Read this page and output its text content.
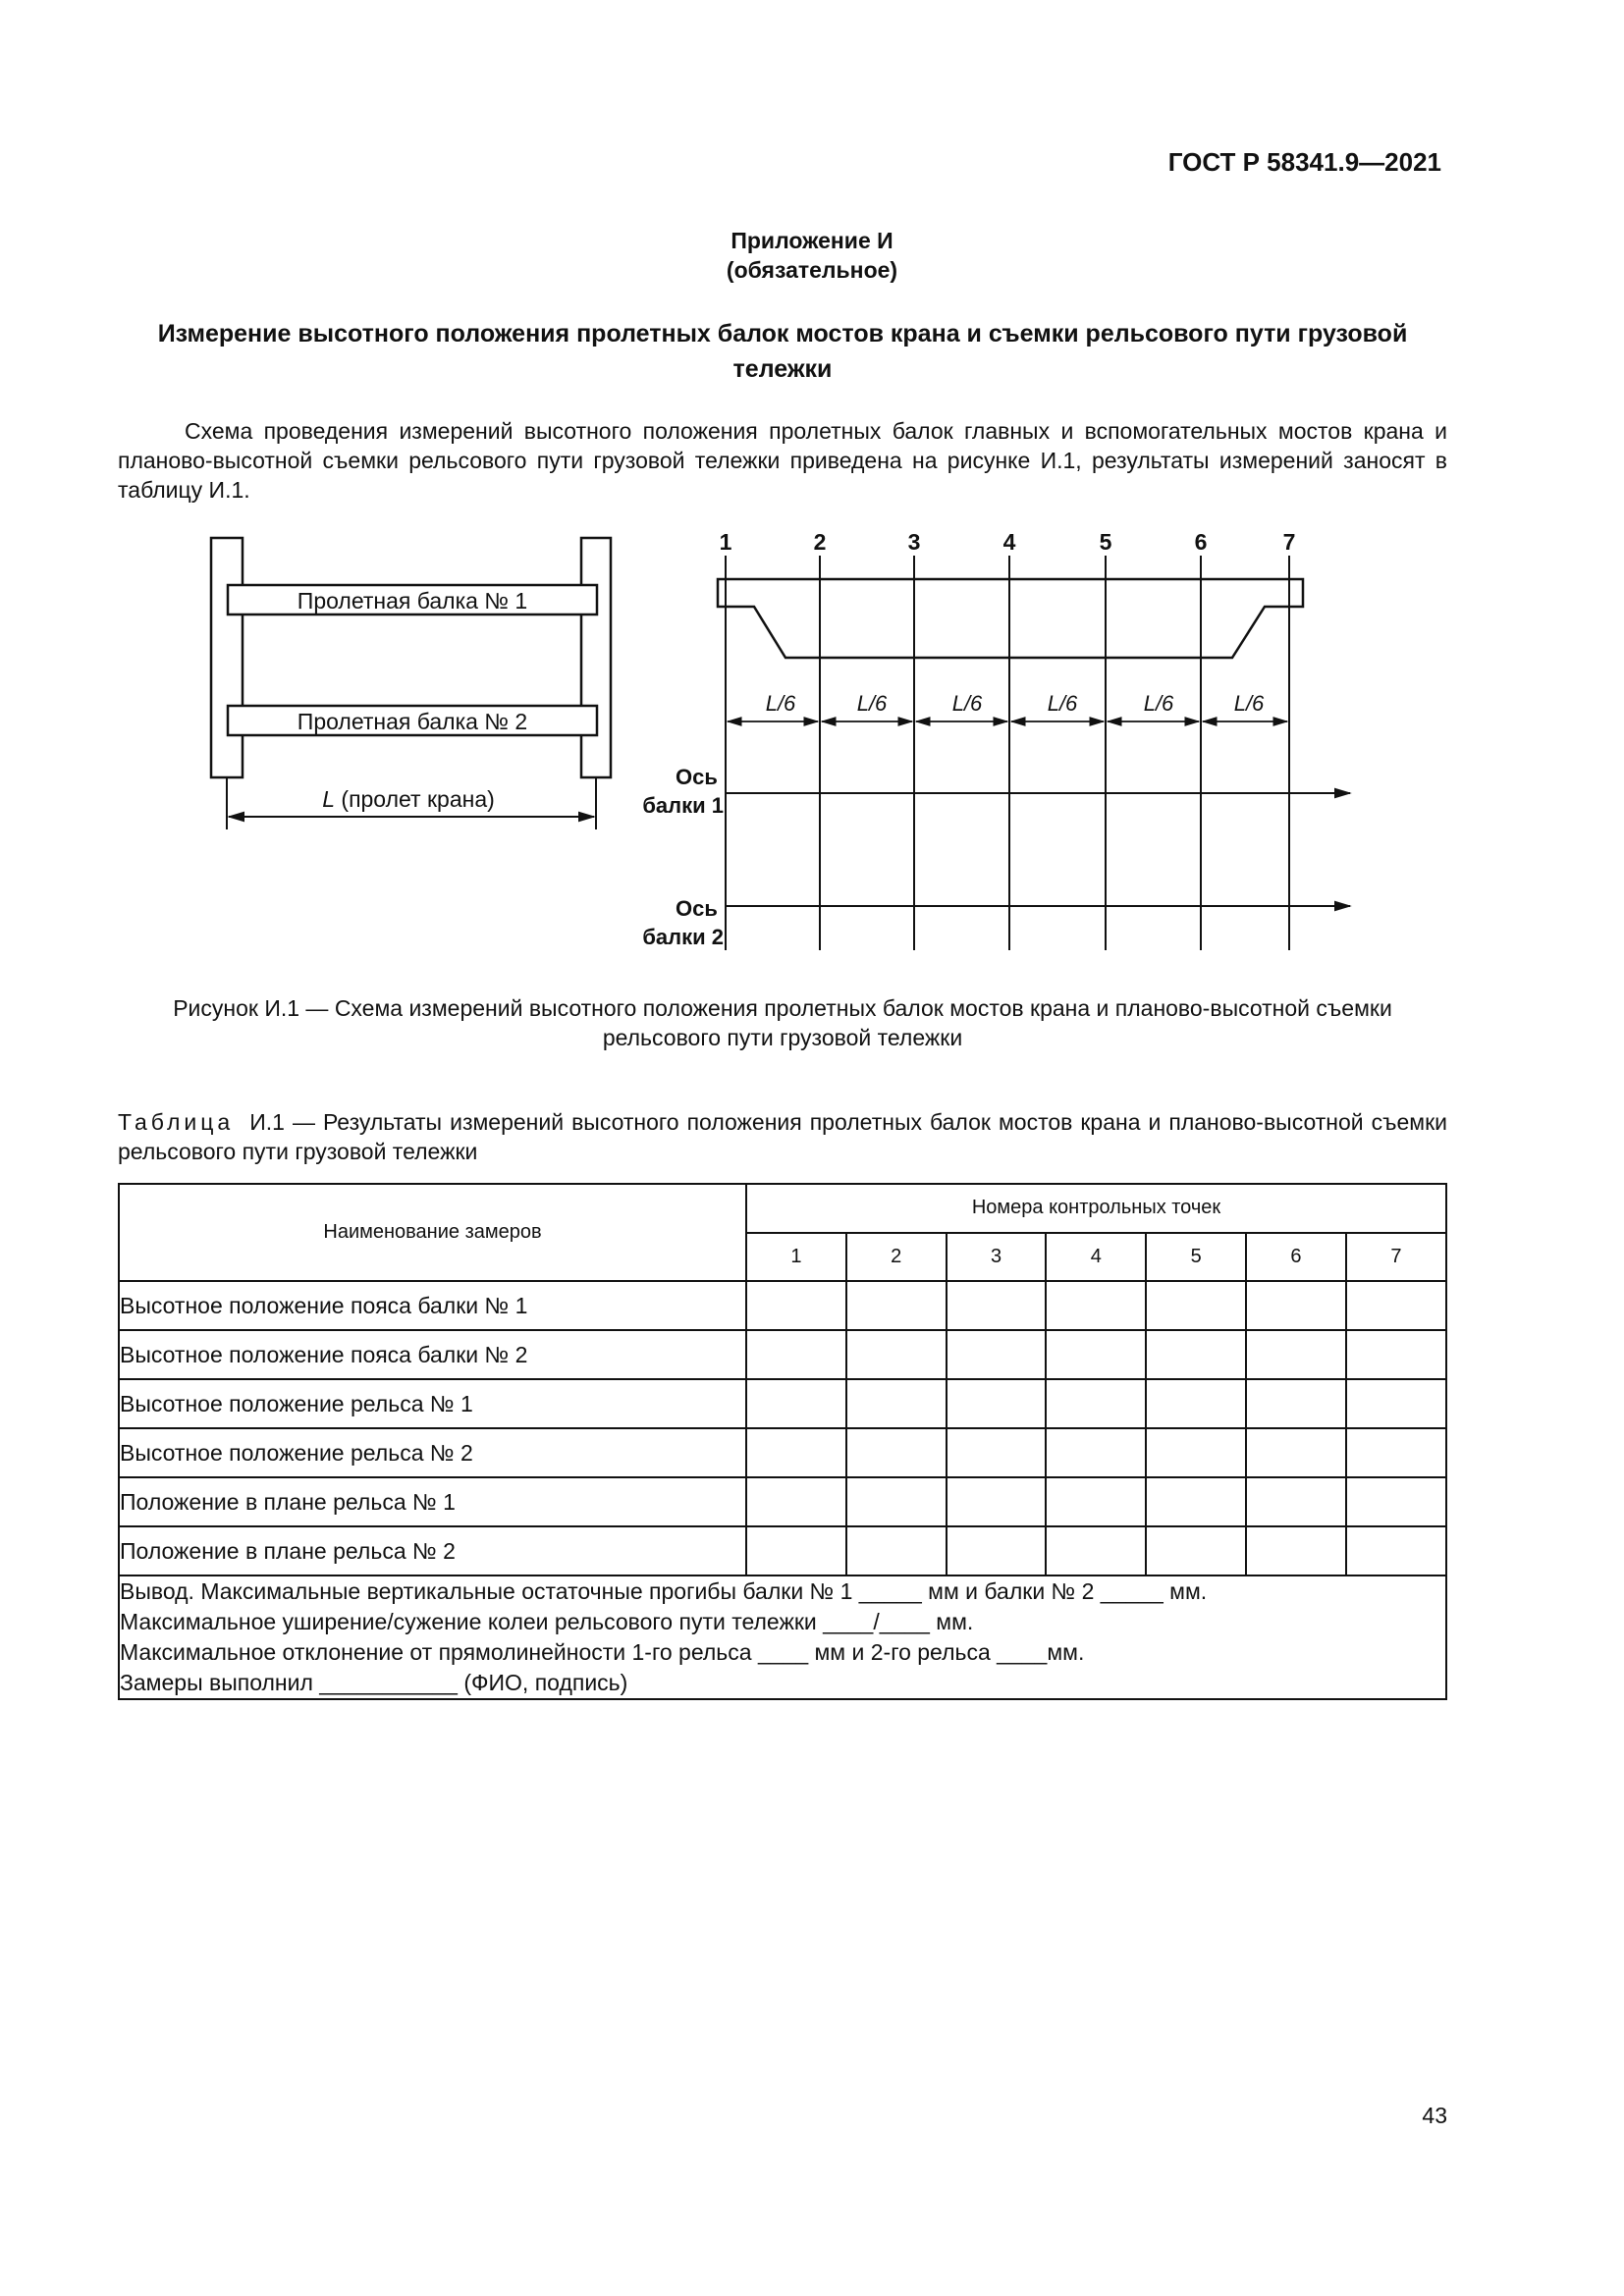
ГОСТ Р 58341.9—2021
Приложение И
(обязательное)
Измерение высотного положения пролетных балок мостов крана и съемки рельсового пути грузовой тележки

Схема проведения измерений высотного положения пролетных балок главных и вспомогательных мостов крана и планово-высотной съемки рельсового пути грузовой тележки приведена на рисунке И.1, результаты измерений заносят в таблицу И.1.

Пролетная балка № 1
Пролетная балка № 2
L (пролет крана)
1	2	3	4	5	6	7
L/6	L/6	L/6	L/6	L/6	L/6
Ось балки 1
Ось балки 2
Рисунок И.1 — Схема измерений высотного положения пролетных балок мостов крана и планово-высотной съемки рельсового пути грузовой тележки

Таблица И.1 — Результаты измерений высотного положения пролетных балок мостов крана и планово-высотной съемки рельсового пути грузовой тележки

Наименование замеров	Номера контрольных точек						
	1	2	3	4	5	6	7
Высотное положение пояса балки № 1							
Высотное положение пояса балки № 2							
Высотное положение рельса № 1							
Высотное положение рельса № 2							
Положение в плане рельса № 1							
Положение в плане рельса № 2							

Вывод. Максимальные вертикальные остаточные прогибы балки № 1 _____ мм и балки № 2 _____ мм.
Максимальное уширение/сужение колеи рельсового пути тележки ____/____ мм.
Максимальное отклонение от прямолинейности 1-го рельса ____ мм и 2-го рельса ____мм.
Замеры выполнил ___________ (ФИО, подпись)							
43
